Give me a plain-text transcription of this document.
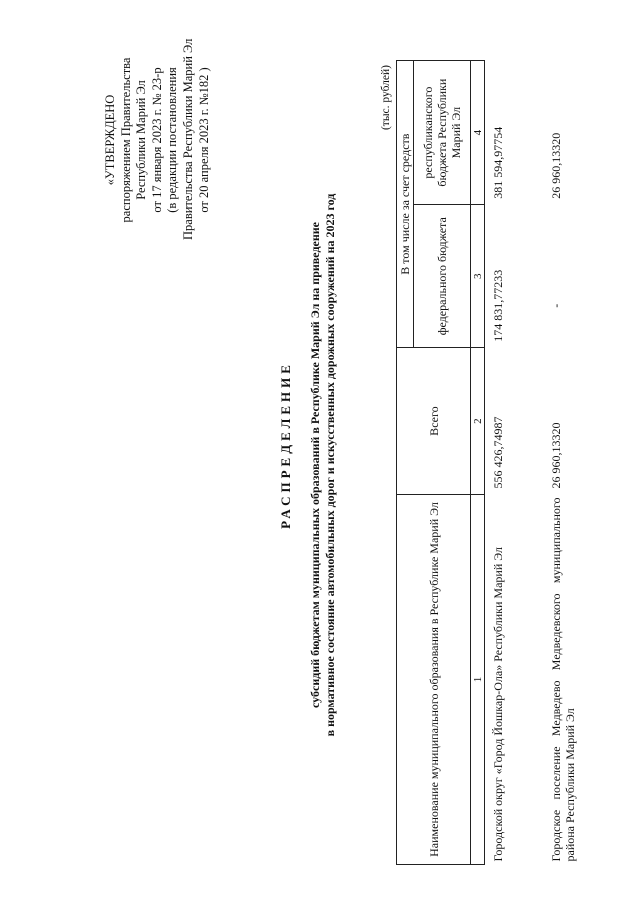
«УТВЕРЖДЕНО распоряжением Правительства Республики Марий Эл от 17 января 2023 г. № 23-р (в редакции постановления Правительства Республики Марий Эл от 20 апреля 2023 г. №182 )
РАСПРЕДЕЛЕНИЕ субсидий бюджетам муниципальных образований в Республике Марий Эл на приведение в нормативное состояние автомобильных дорог и искусственных дорожных сооружений на 2023 год
(тыс. рублей)
Наименование муниципального образования в Республике Марий Эл	Всего	В том числе за счет средств	
		федерального бюджета	республиканского бюджета Республики Марий Эл
1	2	3	4
Городской округ «Город Йошкар-Ола» Республики Марий Эл	556 426,74987	174 831,77233	381 594,97754
Городское поселение Медведево Медведевского муниципального района Республики Марий Эл	26 960,13320	-	26 960,13320
